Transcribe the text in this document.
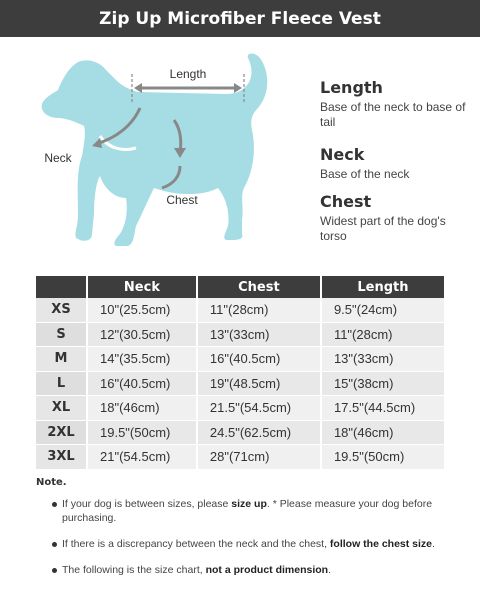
Zip Up Microfiber Fleece Vest
Length
Neck
Chest
Length
Base of the neck to base of tail
Neck
Base of the neck
Chest
Widest part of the dog's torso
	Neck	Chest	Length
XS	10"(25.5cm)	11"(28cm)	9.5"(24cm)
S	12"(30.5cm)	13"(33cm)	11"(28cm)
M	14"(35.5cm)	16"(40.5cm)	13"(33cm)
L	16"(40.5cm)	19"(48.5cm)	15"(38cm)
XL	18"(46cm)	21.5"(54.5cm)	17.5"(44.5cm)
2XL	19.5"(50cm)	24.5"(62.5cm)	18"(46cm)
3XL	21"(54.5cm)	28"(71cm)	19.5"(50cm)
Note.
If your dog is between sizes, please size up. * Please measure your dog before purchasing.
If there is a discrepancy between the neck and the chest, follow the chest size.
The following is the size chart, not a product dimension.
